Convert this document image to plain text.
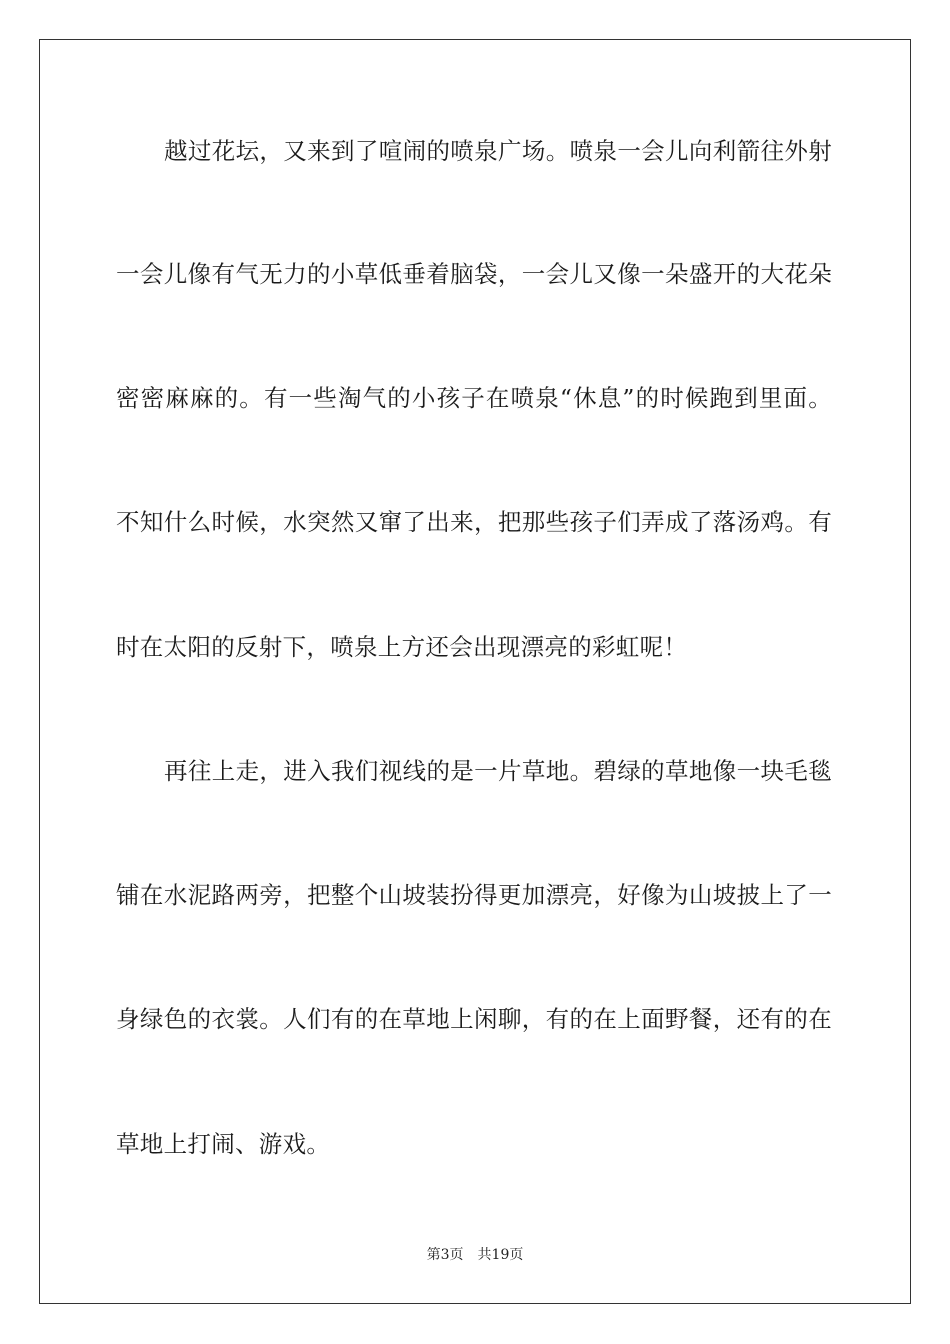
越过花坛，又来到了喧闹的喷泉广场。喷泉一会儿向利箭往外射
一会儿像有气无力的小草低垂着脑袋，一会儿又像一朵盛开的大花朵
密密麻麻的。有一些淘气的小孩子在喷泉“休息”的时候跑到里面。
不知什么时候，水突然又窜了出来，把那些孩子们弄成了落汤鸡。有
时在太阳的反射下，喷泉上方还会出现漂亮的彩虹呢！
再往上走，进入我们视线的是一片草地。碧绿的草地像一块毛毯
铺在水泥路两旁，把整个山坡装扮得更加漂亮，好像为山坡披上了一
身绿色的衣裳。人们有的在草地上闲聊，有的在上面野餐，还有的在
草地上打闹、游戏。
第3页 共19页
